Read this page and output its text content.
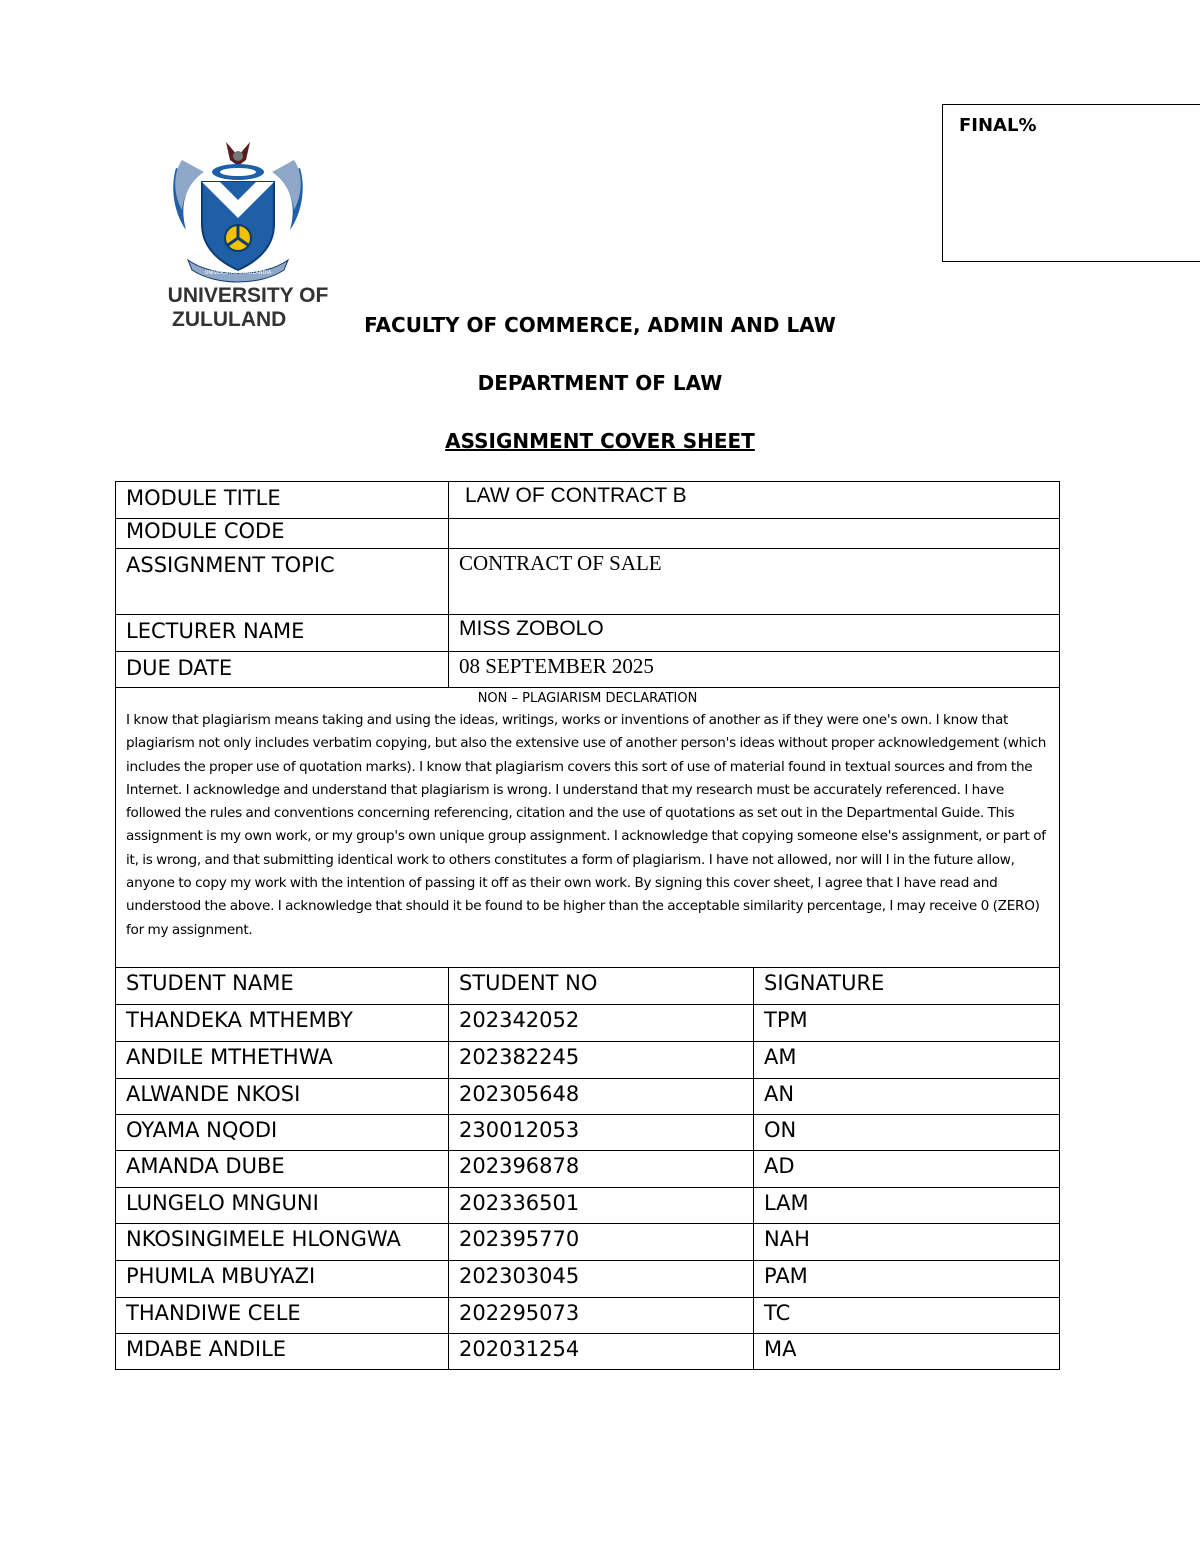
FINAL%
UNIVERSITAS ZULULANDIA
UNIVERSITY OF
ZULULAND	FACULTY OF COMMERCE, ADMIN AND LAW
DEPARTMENT OF LAW
ASSIGNMENT COVER SHEET
MODULE TITLE	LAW OF CONTRACT B	
MODULE CODE		
ASSIGNMENT TOPIC	CONTRACT OF SALE	
LECTURER NAME	MISS ZOBOLO	
DUE DATE	08 SEPTEMBER 2025	

NON – PLAGIARISM DECLARATION
I know that plagiarism means taking and using the ideas, writings, works or inventions of another as if they were one's own. I know that plagiarism not only includes verbatim copying, but also the extensive use of another person's ideas without proper acknowledgement (which includes the proper use of quotation marks). I know that plagiarism covers this sort of use of material found in textual sources and from the Internet. I acknowledge and understand that plagiarism is wrong. I understand that my research must be accurately referenced. I have followed the rules and conventions concerning referencing, citation and the use of quotations as set out in the Departmental Guide. This assignment is my own work, or my group's own unique group assignment. I acknowledge that copying someone else's assignment, or part of it, is wrong, and that submitting identical work to others constitutes a form of plagiarism. I have not allowed, nor will I in the future allow, anyone to copy my work with the intention of passing it off as their own work. By signing this cover sheet, I agree that I have read and understood the above. I acknowledge that should it be found to be higher than the acceptable similarity percentage, I may receive 0 (ZERO) for my assignment.		

STUDENT NAME	STUDENT NO	SIGNATURE
THANDEKA MTHEMBY	202342052	TPM
ANDILE MTHETHWA	202382245	AM
ALWANDE NKOSI	202305648	AN
OYAMA NQODI	230012053	ON
AMANDA DUBE	202396878	AD
LUNGELO MNGUNI	202336501	LAM
NKOSINGIMELE HLONGWA	202395770	NAH
PHUMLA MBUYAZI	202303045	PAM
THANDIWE CELE	202295073	TC
MDABE ANDILE	202031254	MA
